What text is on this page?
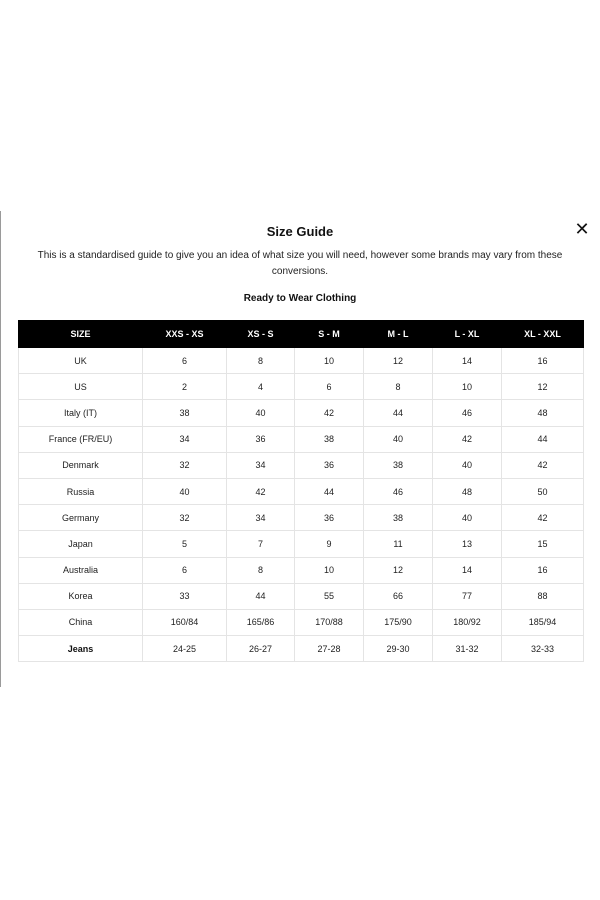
✕
Size Guide
This is a standardised guide to give you an idea of what size you will need, however some brands may vary from these conversions.
Ready to Wear Clothing
SIZE	XXS - XS	XS - S	S - M	M - L	L - XL	XL - XXL
UK	6	8	10	12	14	16
US	2	4	6	8	10	12
Italy (IT)	38	40	42	44	46	48
France (FR/EU)	34	36	38	40	42	44
Denmark	32	34	36	38	40	42
Russia	40	42	44	46	48	50
Germany	32	34	36	38	40	42
Japan	5	7	9	11	13	15
Australia	6	8	10	12	14	16
Korea	33	44	55	66	77	88
China	160/84	165/86	170/88	175/90	180/92	185/94
Jeans	24-25	26-27	27-28	29-30	31-32	32-33
